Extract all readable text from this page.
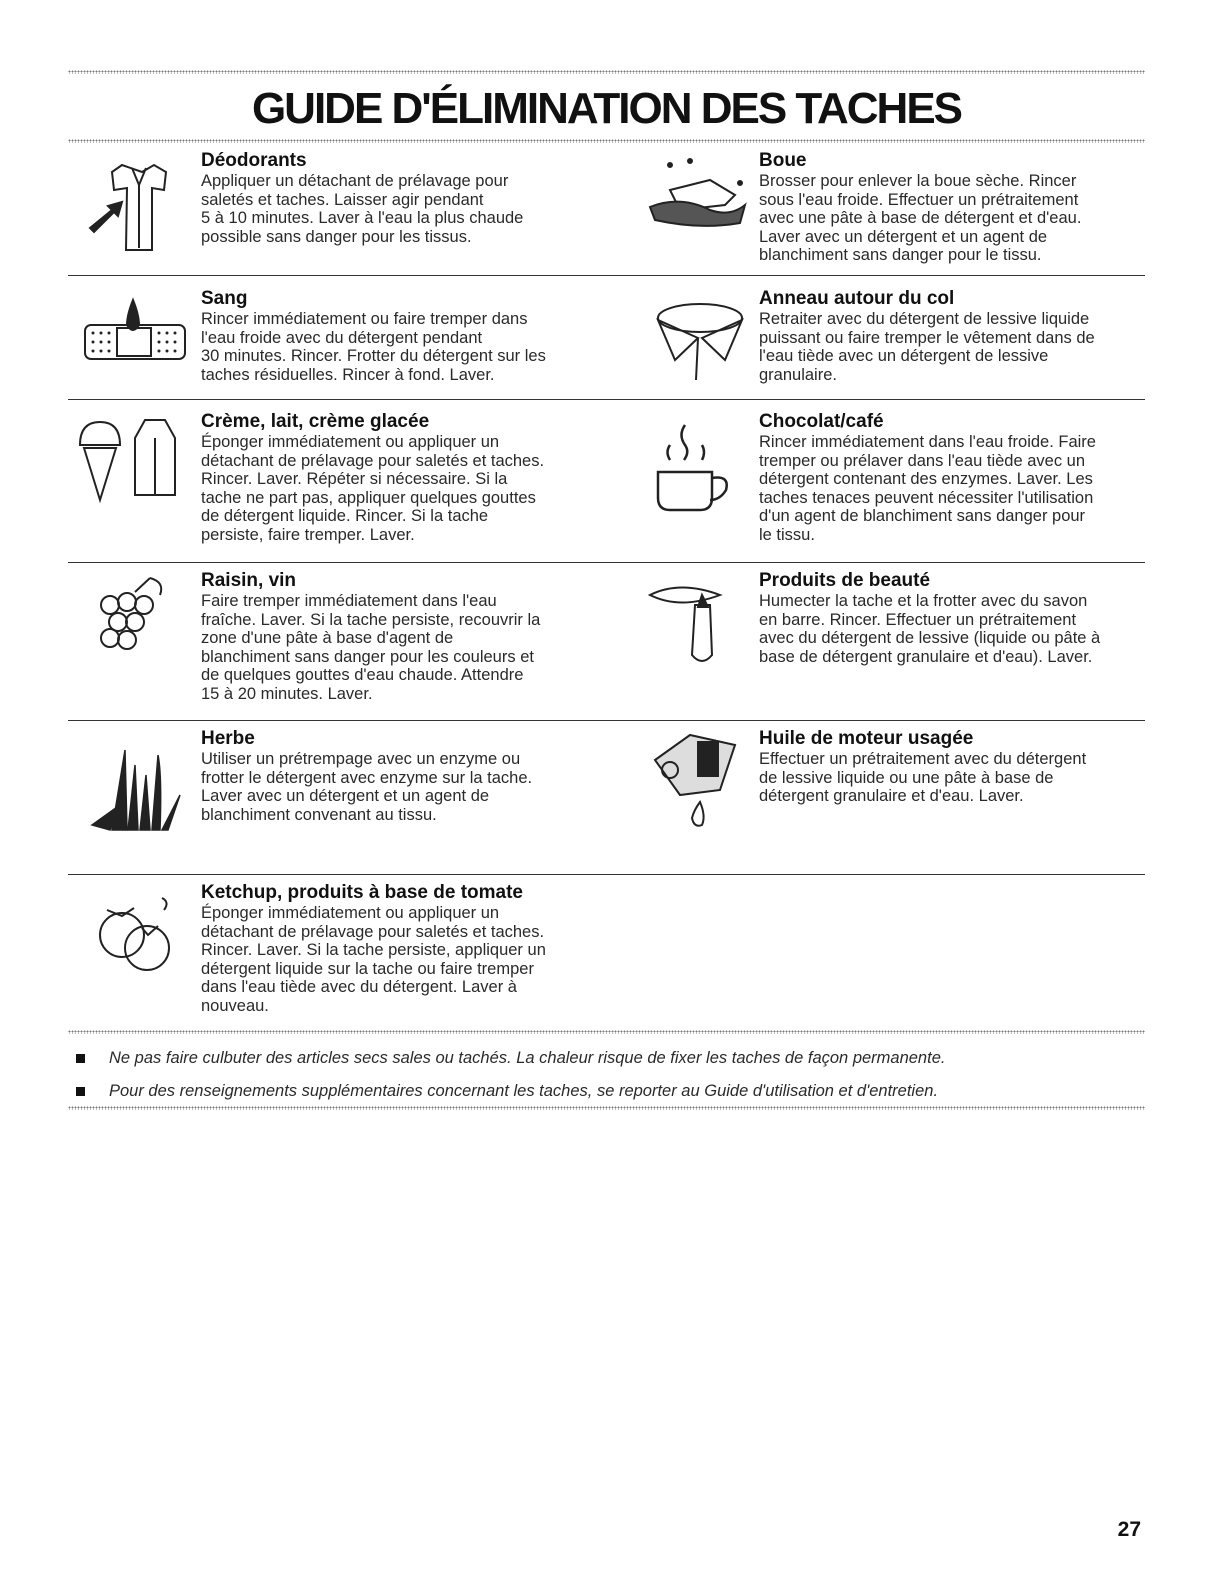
GUIDE D'ÉLIMINATION DES TACHES
Déodorants

Appliquer un détachant de prélavage pour

saletés et taches. Laisser agir pendant

5 à 10 minutes. Laver à l'eau la plus chaude

possible sans danger pour les tissus.

Boue

Brosser pour enlever la boue sèche. Rincer

sous l'eau froide. Effectuer un prétraitement

avec une pâte à base de détergent et d'eau.

Laver avec un détergent et un agent de

blanchiment sans danger pour le tissu.

Sang

Rincer immédiatement ou faire tremper dans

l'eau froide avec du détergent pendant

30 minutes. Rincer. Frotter du détergent sur les

taches résiduelles. Rincer à fond. Laver.

Anneau autour du col

Retraiter avec du détergent de lessive liquide

puissant ou faire tremper le vêtement dans de

l'eau tiède avec un détergent de lessive

granulaire.

Crème, lait, crème glacée

Éponger immédiatement ou appliquer un

détachant de prélavage pour saletés et taches.

Rincer. Laver. Répéter si nécessaire. Si la

tache ne part pas, appliquer quelques gouttes

de détergent liquide. Rincer. Si la tache

persiste, faire tremper. Laver.

Chocolat/café

Rincer immédiatement dans l'eau froide. Faire

tremper ou prélaver dans l'eau tiède avec un

détergent contenant des enzymes. Laver. Les

taches tenaces peuvent nécessiter l'utilisation

d'un agent de blanchiment sans danger pour

le tissu.

Raisin, vin

Faire tremper immédiatement dans l'eau

fraîche. Laver. Si la tache persiste, recouvrir la

zone d'une pâte à base d'agent de

blanchiment sans danger pour les couleurs et

de quelques gouttes d'eau chaude. Attendre

15 à 20 minutes. Laver.

Produits de beauté

Humecter la tache et la frotter avec du savon

en barre. Rincer. Effectuer un prétraitement

avec du détergent de lessive (liquide ou pâte à

base de détergent granulaire et d'eau). Laver.

Herbe

Utiliser un prétrempage avec un enzyme ou

frotter le détergent avec enzyme sur la tache.

Laver avec un détergent et un agent de

blanchiment convenant au tissu.

Huile de moteur usagée

Effectuer un prétraitement avec du détergent

de lessive liquide ou une pâte à base de

détergent granulaire et d'eau. Laver.

Ketchup, produits à base de tomate

Éponger immédiatement ou appliquer un

détachant de prélavage pour saletés et taches.

Rincer. Laver. Si la tache persiste, appliquer un

détergent liquide sur la tache ou faire tremper

dans l'eau tiède avec du détergent. Laver à

nouveau.

Ne pas faire culbuter des articles secs sales ou tachés. La chaleur risque de fixer les taches de façon permanente.
Pour des renseignements supplémentaires concernant les taches, se reporter au Guide d'utilisation et d'entretien.
27
